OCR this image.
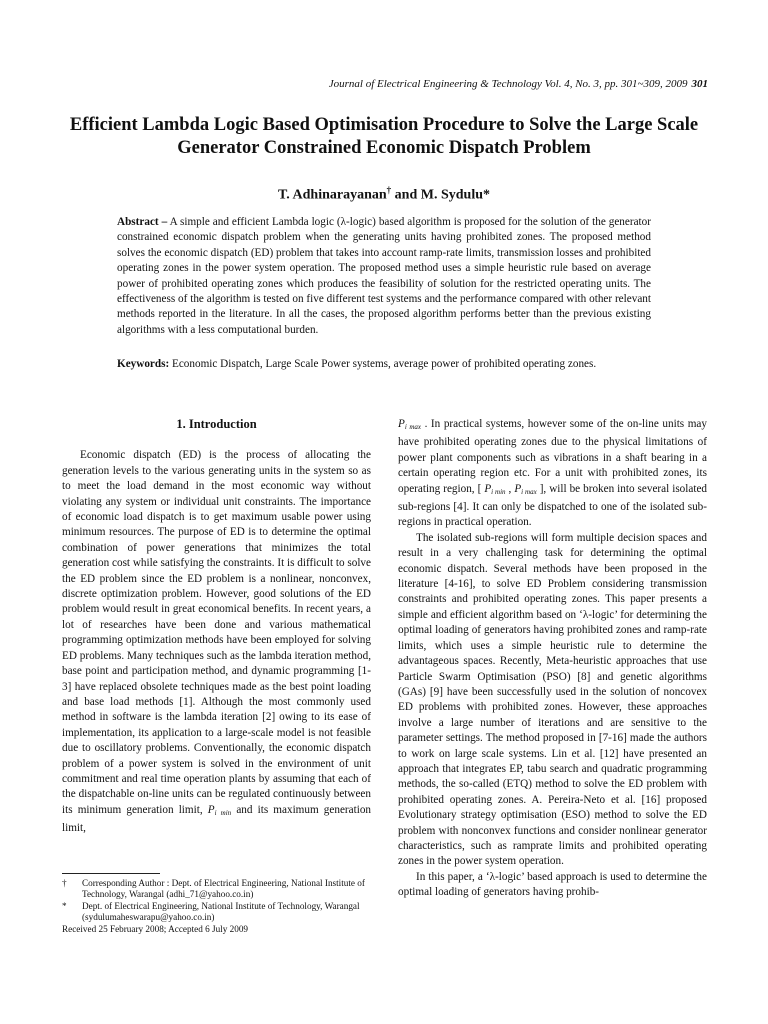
Journal of Electrical Engineering & Technology Vol. 4, No. 3, pp. 301~309, 2009 301
Efficient Lambda Logic Based Optimisation Procedure to Solve the Large Scale Generator Constrained Economic Dispatch Problem
T. Adhinarayanan† and M. Sydulu*
Abstract – A simple and efficient Lambda logic (λ-logic) based algorithm is proposed for the solution of the generator constrained economic dispatch problem when the generating units having prohibited zones. The proposed method solves the economic dispatch (ED) problem that takes into account ramp-rate limits, transmission losses and prohibited operating zones in the power system operation. The proposed method uses a simple heuristic rule based on average power of prohibited operating zones which produces the feasibility of solution for the restricted operating units. The effectiveness of the algorithm is tested on five different test systems and the performance compared with other relevant methods reported in the literature. In all the cases, the proposed algorithm performs better than the previous existing algorithms with a less computational burden.
Keywords: Economic Dispatch, Large Scale Power systems, average power of prohibited operating zones.

1. Introduction

Economic dispatch (ED) is the process of allocating the generation levels to the various generating units in the system so as to meet the load demand in the most economic way without violating any system or individual unit constraints. The importance of economic load dispatch is to get maximum usable power using minimum resources. The purpose of ED is to determine the optimal combination of power generations that minimizes the total generation cost while satisfying the constraints. It is difficult to solve the ED problem since the ED problem is a nonlinear, nonconvex, discrete optimization problem. However, good solutions of the ED problem would result in great economical benefits. In recent years, a lot of researches have been done and various mathematical programming optimization methods have been employed for solving ED problems. Many techniques such as the lambda iteration method, base point and participation method, and dynamic programming [1-3] have replaced obsolete techniques made as the best point loading and base load methods [1]. Although the most commonly used method in software is the lambda iteration [2] owing to its ease of implementation, its application to a large-scale model is not feasible due to oscillatory problems. Conventionally, the economic dispatch problem of a power system is solved in the environment of unit commitment and real time operation plants by assuming that each of the dispatchable on-line units can be regulated continuously between its minimum generation limit, $P_{i min}$ and its maximum generation limit,

$P_{i max}$ . In practical systems, however some of the on-line units may have prohibited operating zones due to the physical limitations of power plant components such as vibrations in a shaft bearing in a certain operating region etc. For a unit with prohibited zones, its operating region, [ $P_{i min}$ , $P_{i max}$ ], will be broken into several isolated sub-regions [4]. It can only be dispatched to one of the isolated sub-regions in practical operation.

The isolated sub-regions will form multiple decision spaces and result in a very challenging task for determining the optimal economic dispatch. Several methods have been proposed in the literature [4-16], to solve ED Problem considering transmission constraints and prohibited operating zones. This paper presents a simple and efficient algorithm based on ‘λ-logic’ for determining the optimal loading of generators having prohibited zones and ramp-rate limits, which uses a simple heuristic rule to determine the advantageous spaces. Recently, Meta-heuristic approaches that use Particle Swarm Optimisation (PSO) [8] and genetic algorithms (GAs) [9] have been successfully used in the solution of noncovex ED problems with prohibited zones. However, these approaches involve a large number of iterations and are sensitive to the parameter settings. The method proposed in [7-16] made the authors to work on large scale systems. Lin et al. [12] have presented an approach that integrates EP, tabu search and quadratic programming methods, the so-called (ETQ) method to solve the ED problem with prohibited operating zones. A. Pereira-Neto et al. [16] proposed Evolutionary strategy optimisation (ESO) method to solve the ED problem with nonconvex functions and consider nonlinear generator characteristics, such as ramprate limits and prohibited operating zones in the power system operation.

In this paper, a ‘λ-logic’ based approach is used to determine the optimal loading of generators having prohib-

†	Corresponding Author : Dept. of Electrical Engineering, National Institute of Technology, Warangal (adhi_71@yahoo.co.in)
*	Dept. of Electrical Engineering, National Institute of Technology, Warangal (sydulumaheswarapu@yahoo.co.in)
Received 25 February 2008; Accepted 6 July 2009
